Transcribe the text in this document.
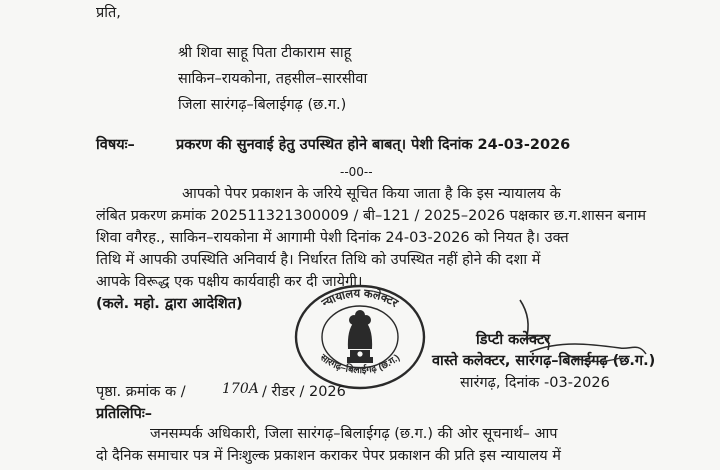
प्रति,
श्री शिवा साहू पिता टीकाराम साहू
साकिन–रायकोना, तहसील–सारसीवा
जिला सारंगढ़–बिलाईगढ़ (छ.ग.)
विषयः–	प्रकरण की सुनवाई हेतु उपस्थित होने बाबत्। पेशी दिनांक 24-03-2026
--00--
आपको पेपर प्रकाशन के जरिये सूचित किया जाता है कि इस न्यायालय के
लंबित प्रकरण क्रमांक 202511321300009 / बी–121 / 2025–2026 पक्षकार छ.ग.शासन बनाम
शिवा वगैरह., साकिन–रायकोना में आगामी पेशी दिनांक 24-03-2026 को नियत है। उक्त
तिथि में आपकी उपस्थिति अनिवार्य है। निर्धारत तिथि को उपस्थित नहीं होने की दशा में
आपके विरूद्ध एक पक्षीय कार्यवाही कर दी जायेगी।
(कले. महो. द्वारा आदेशित)	न्यायालय कलेक्टर
सारंगढ़–बिलाईगढ़ (छ.ग.)
डिप्टी कलेक्टर
वास्ते कलेक्टर, सारंगढ़–बिलाईगढ़ (छ.ग.)
सारंगढ़, दिनांक -03-2026
पृष्ठा. क्रमांक क /	170A / रीडर / 2026
प्रतिलिपिः–
जनसम्पर्क अधिकारी, जिला सारंगढ़–बिलाईगढ़ (छ.ग.) की ओर सूचनार्थ– आप
दो दैनिक समाचार पत्र में निःशुल्क प्रकाशन कराकर पेपर प्रकाशन की प्रति इस न्यायालय में
